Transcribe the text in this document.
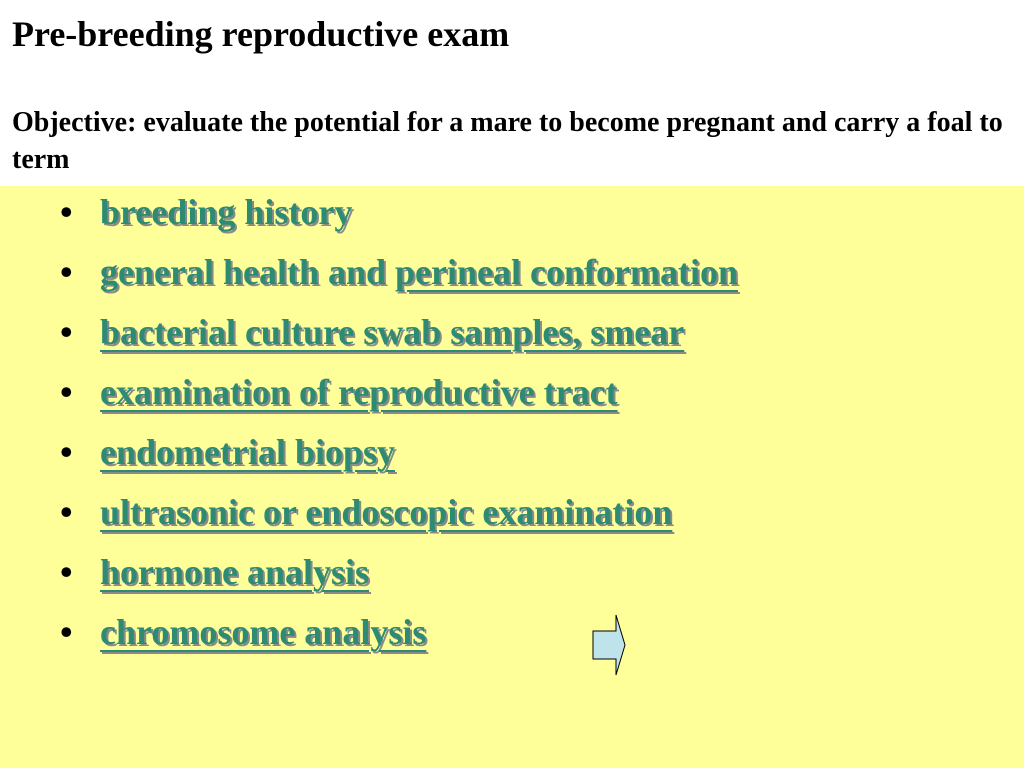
Pre-breeding reproductive exam

Objective: evaluate the potential for a mare to become pregnant and carry a foal to term

• breeding history
• general health and perineal conformation
• bacterial culture swab samples, smear
• examination of reproductive tract
• endometrial biopsy
• ultrasonic or endoscopic examination
• hormone analysis
• chromosome analysis
